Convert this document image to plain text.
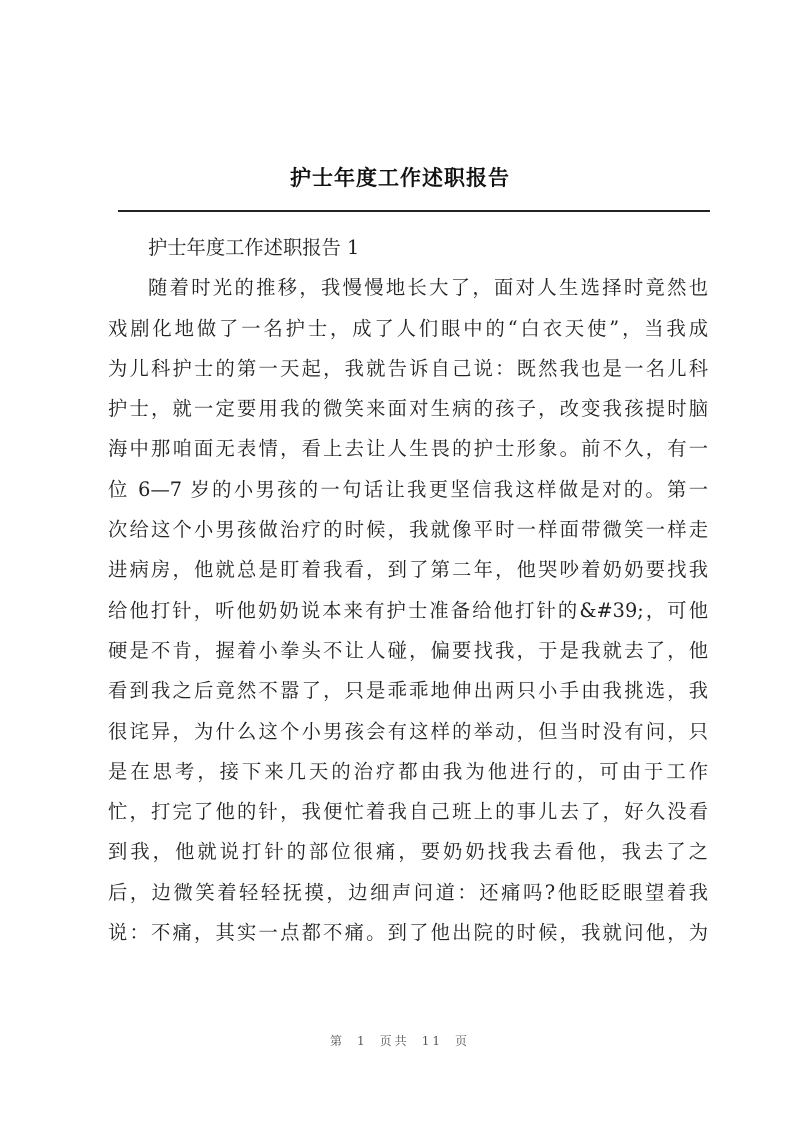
护士年度工作述职报告
护士年度工作述职报告 1
随着时光的推移，我慢慢地长大了，面对人生选择时竟然也
戏剧化地做了一名护士，成了人们眼中的“白衣天使”，当我成
为儿科护士的第一天起，我就告诉自己说：既然我也是一名儿科
护士，就一定要用我的微笑来面对生病的孩子，改变我孩提时脑
海中那咱面无表情，看上去让人生畏的护士形象。前不久，有一
位 6—7 岁的小男孩的一句话让我更坚信我这样做是对的。第一
次给这个小男孩做治疗的时候，我就像平时一样面带微笑一样走
进病房，他就总是盯着我看，到了第二年，他哭吵着奶奶要找我
给他打针，听他奶奶说本来有护士准备给他打针的&#39;，可他
硬是不肯，握着小拳头不让人碰，偏要找我，于是我就去了，他
看到我之后竟然不嚣了，只是乖乖地伸出两只小手由我挑选，我
很诧异，为什么这个小男孩会有这样的举动，但当时没有问，只
是在思考，接下来几天的治疗都由我为他进行的，可由于工作
忙，打完了他的针，我便忙着我自己班上的事儿去了，好久没看
到我，他就说打针的部位很痛，要奶奶找我去看他，我去了之
后，边微笑着轻轻抚摸，边细声问道：还痛吗?他眨眨眼望着我
说：不痛，其实一点都不痛。到了他出院的时候，我就问他，为
第 1 页共 11 页
